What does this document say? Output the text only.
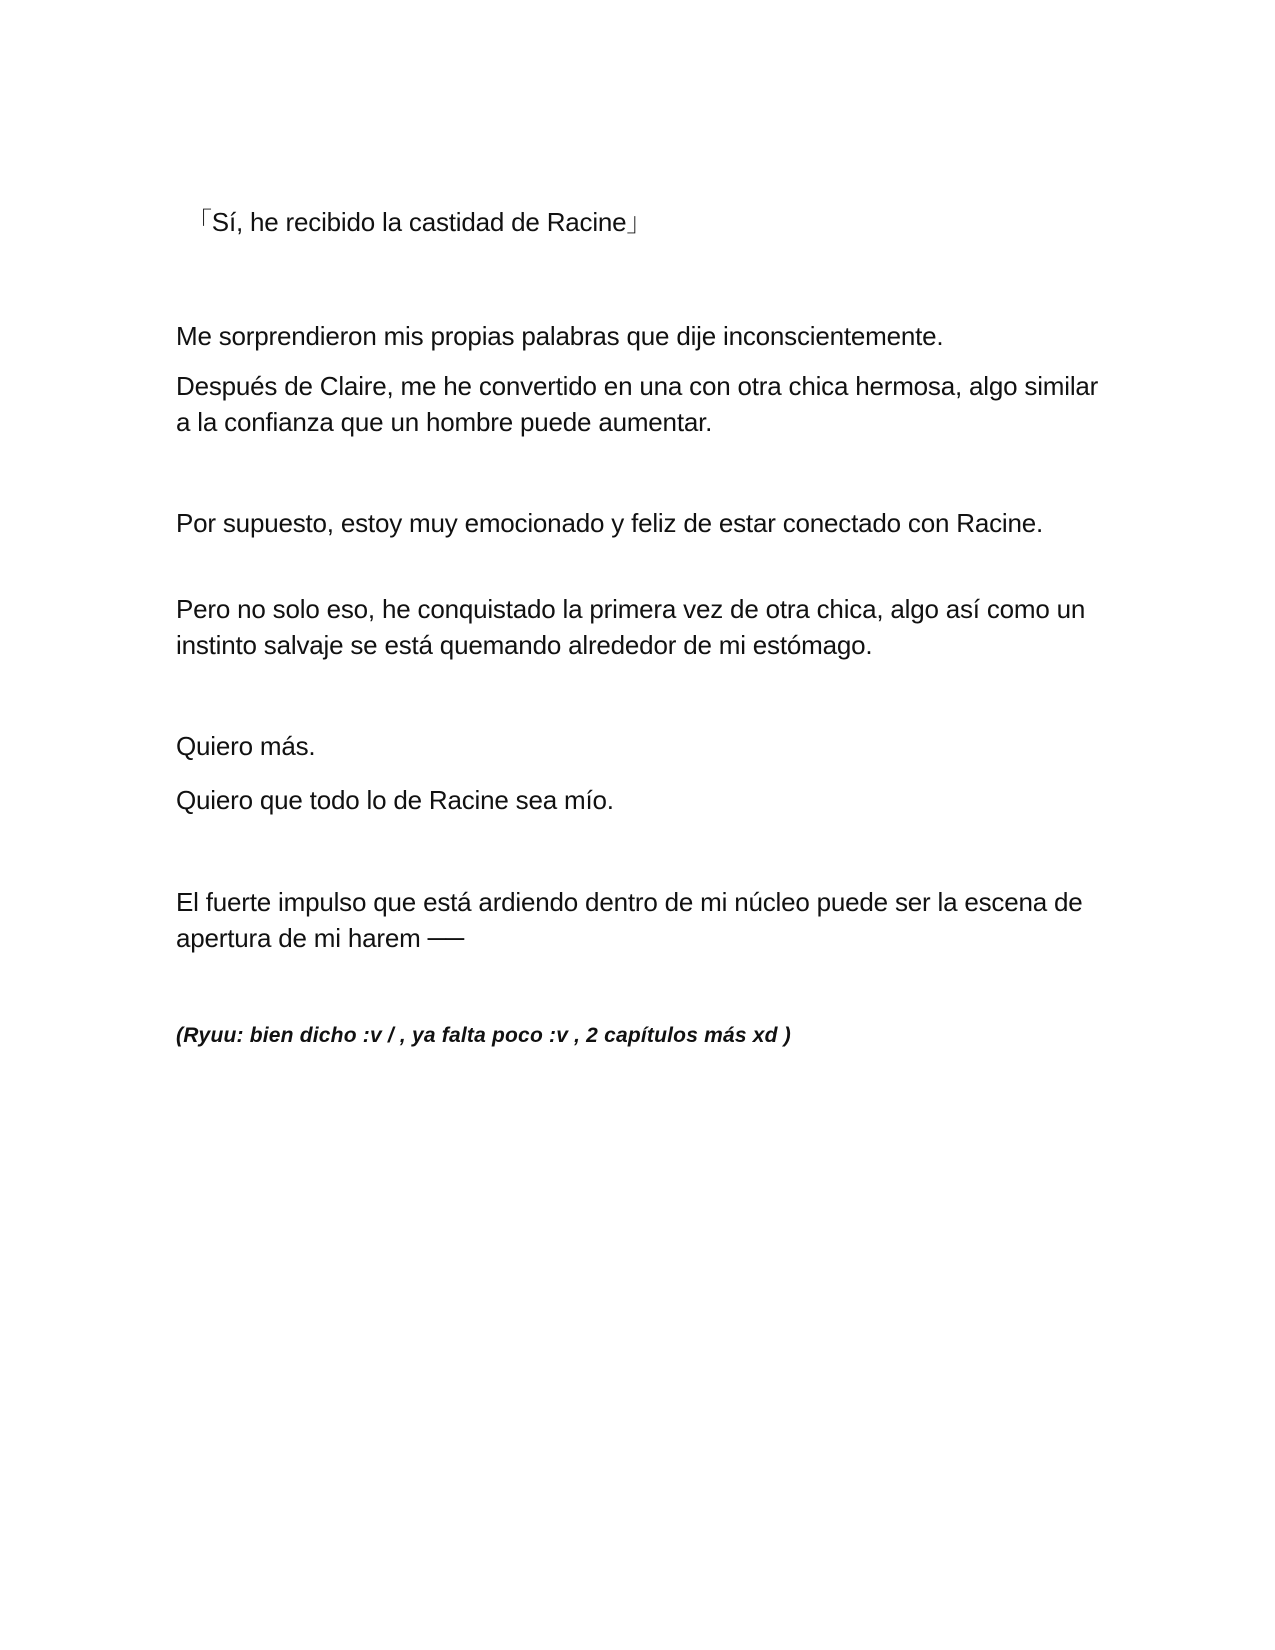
「Sí, he recibido la castidad de Racine」

Me sorprendieron mis propias palabras que dije inconscientemente.

Después de Claire, me he convertido en una con otra chica hermosa, algo similar a la confianza que un hombre puede aumentar.

Por supuesto, estoy muy emocionado y feliz de estar conectado con Racine.

Pero no solo eso, he conquistado la primera vez de otra chica, algo así como un instinto salvaje se está quemando alrededor de mi estómago.

Quiero más.

Quiero que todo lo de Racine sea mío.

El fuerte impulso que está ardiendo dentro de mi núcleo puede ser la escena de apertura de mi harem ──

(Ryuu: bien dicho :v / , ya falta poco :v , 2 capítulos más xd )
